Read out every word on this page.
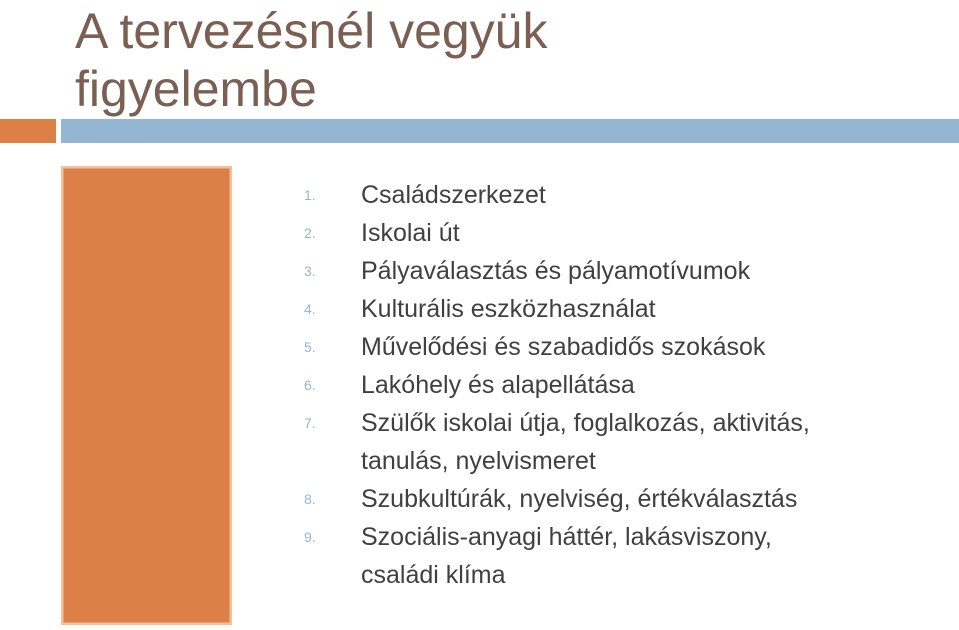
A tervezésnél vegyük
figyelembe
1.	Családszerkezet
2.	Iskolai út
3.	Pályaválasztás és pályamotívumok
4.	Kulturális eszközhasználat
5.	Művelődési és szabadidős szokások
6.	Lakóhely és alapellátása
7.	Szülők iskolai útja, foglalkozás, aktivitás,
tanulás, nyelvismeret
8.	Szubkultúrák, nyelviség, értékválasztás
9.	Szociális-anyagi háttér, lakásviszony,
családi klíma
